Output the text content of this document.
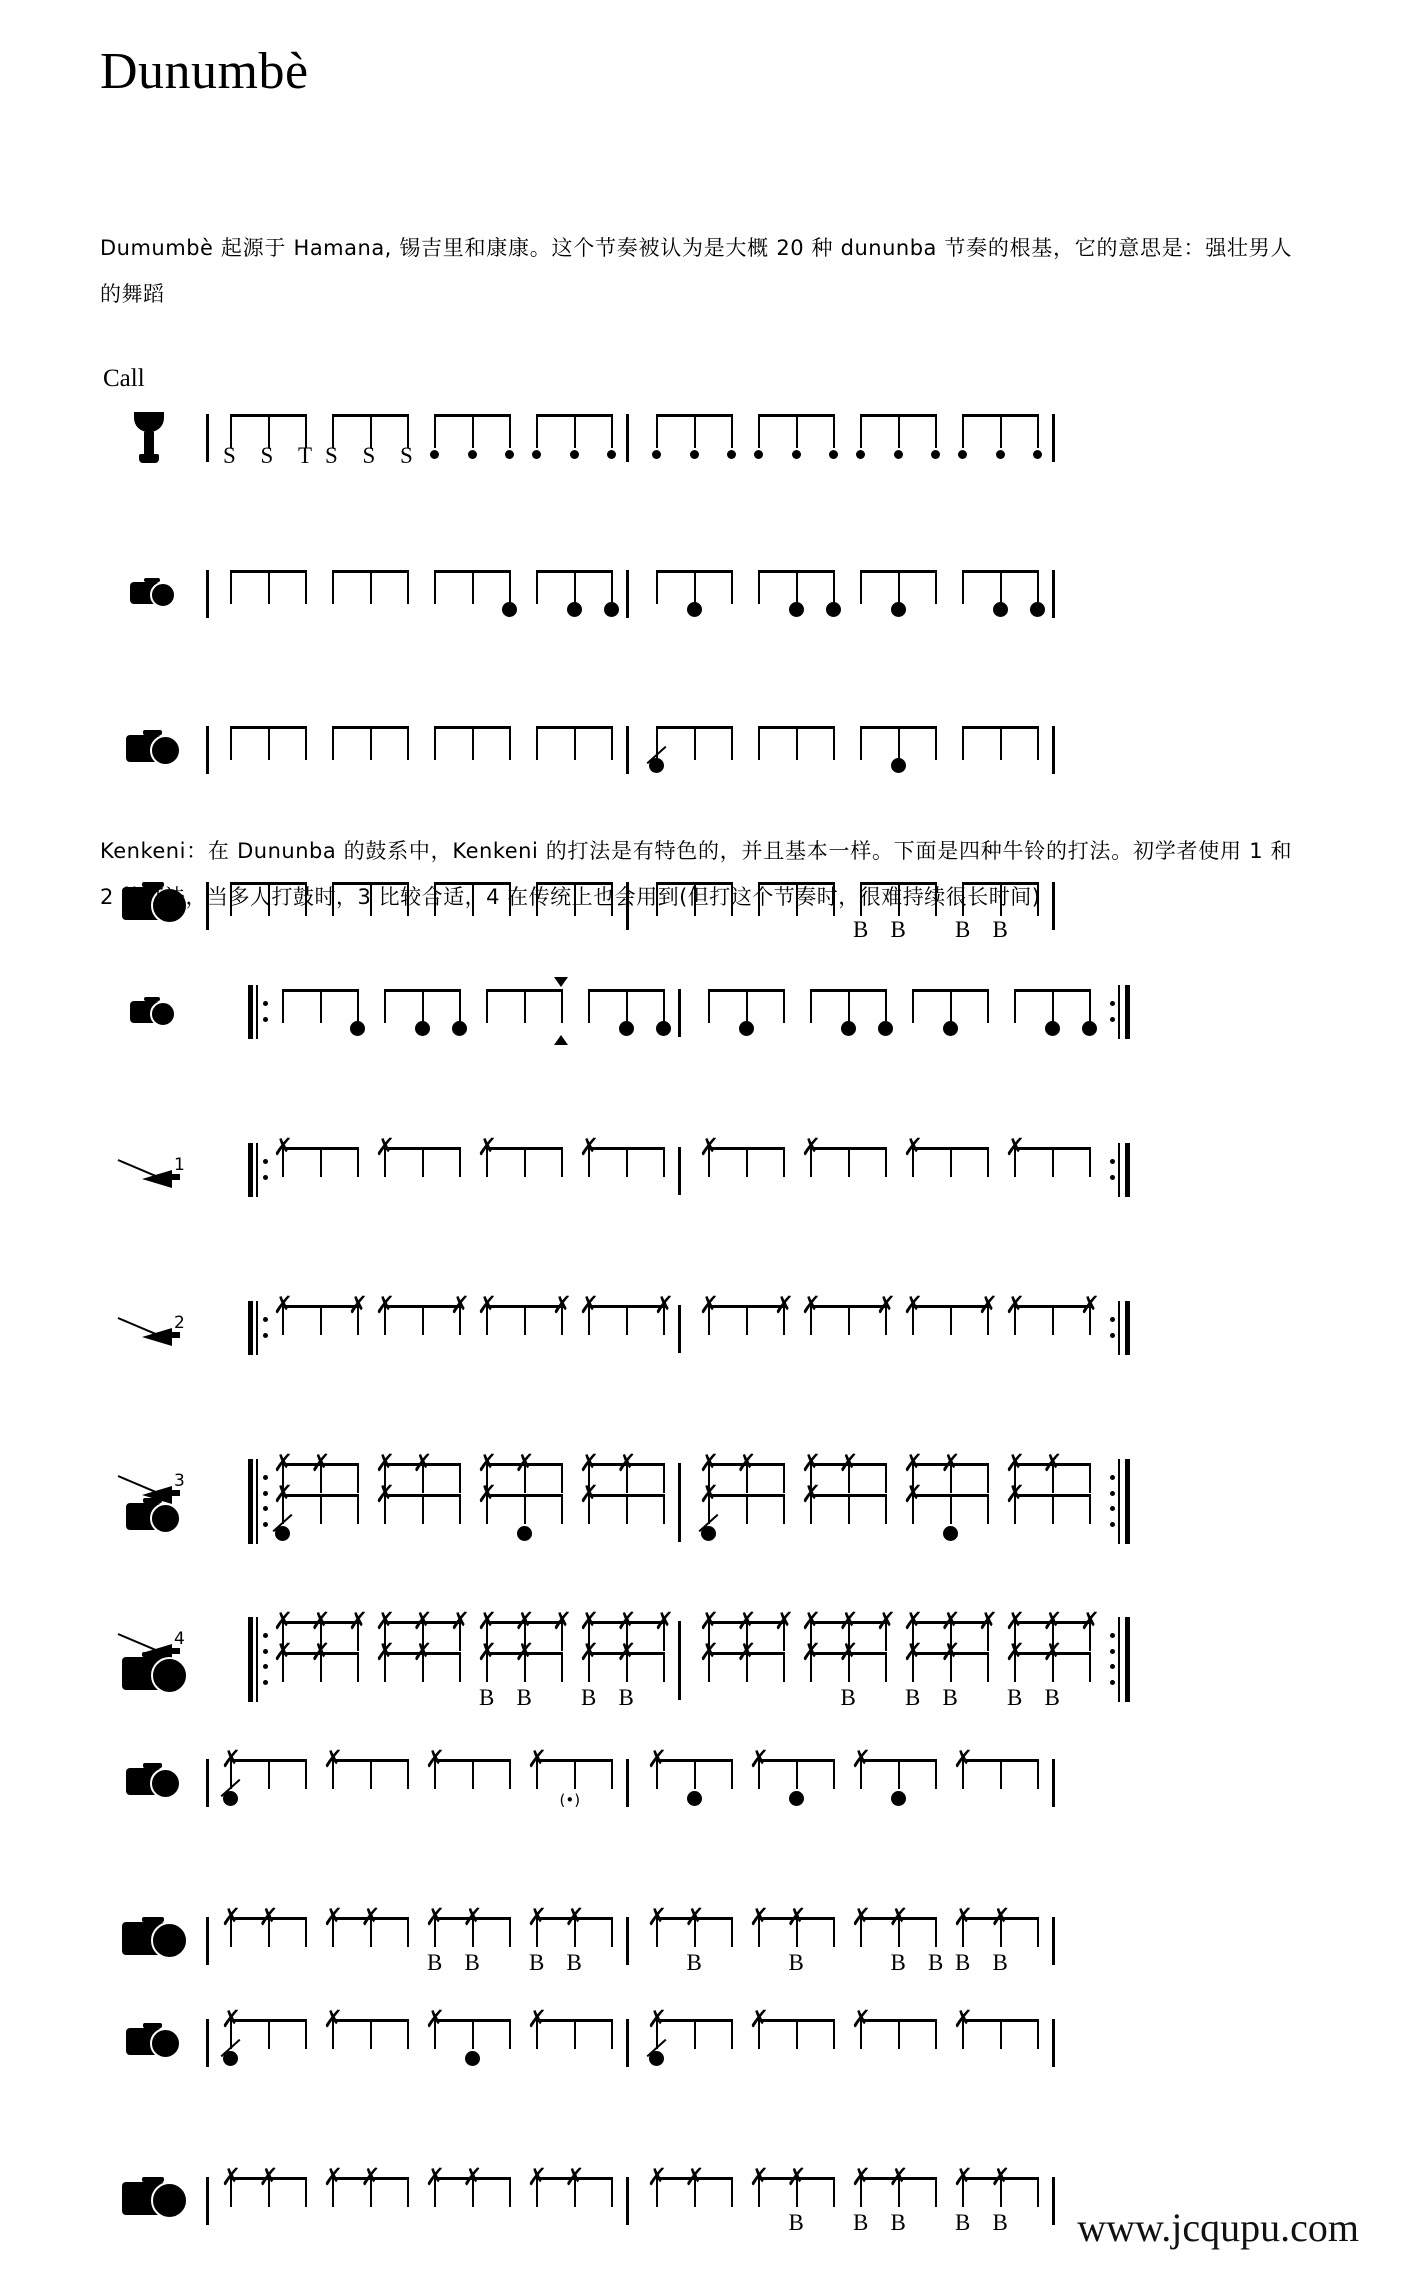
Dunumbè
Dumumbè 起源于 Hamana, 锡吉里和康康。这个节奏被认为是大概 20 种 dununba 节奏的根基，它的意思是：强壮男人的舞蹈
Call
S S T S S S
B B B B
Kenkeni：在 Dununba 的鼓系中，Kenkeni 的打法是有特色的，并且基本一样。下面是四种牛铃的打法。初学者使用 1 和 2 的打法，当多人打鼓时，3 比较合适，4 在传统上也会用到(但打这个节奏时，很难持续很长时间)
1
✗	✗	✗	✗	✗	✗	✗	✗
2
✗ ✗ ✗ ✗ ✗ ✗ ✗ ✗ ✗ ✗ ✗ ✗ ✗ ✗ ✗ ✗
3
✗ ✗ ✗ ✗ ✗ ✗ ✗ ✗	✗ ✗ ✗ ✗ ✗ ✗ ✗ ✗
4
✗ ✗ ✗ ✗ ✗ ✗ ✗ ✗ ✗ ✗ ✗ ✗ ✗ ✗ ✗ ✗ ✗ ✗ ✗ ✗ ✗ ✗ ✗ ✗
✗	✗	✗	✗	✗	✗	✗	✗
✗ ✗ ✗ ✗ ✗ ✗ ✗ ✗	✗ ✗ ✗ ✗ ✗ ✗ ✗ ✗
B B B B	B B B B B
✗	✗	✗	✗	✗	✗	✗	✗
(•)
✗ ✗ ✗ ✗ ✗ ✗ ✗ ✗	✗ ✗ ✗ ✗ ✗ ✗ ✗ ✗
B B B B	B	B	B B B B
✗	✗	✗	✗	✗	✗	✗	✗
✗ ✗ ✗ ✗ ✗ ✗ ✗ ✗	✗ ✗ ✗ ✗ ✗ ✗ ✗ ✗
B B B B B www.jcqupu.com
